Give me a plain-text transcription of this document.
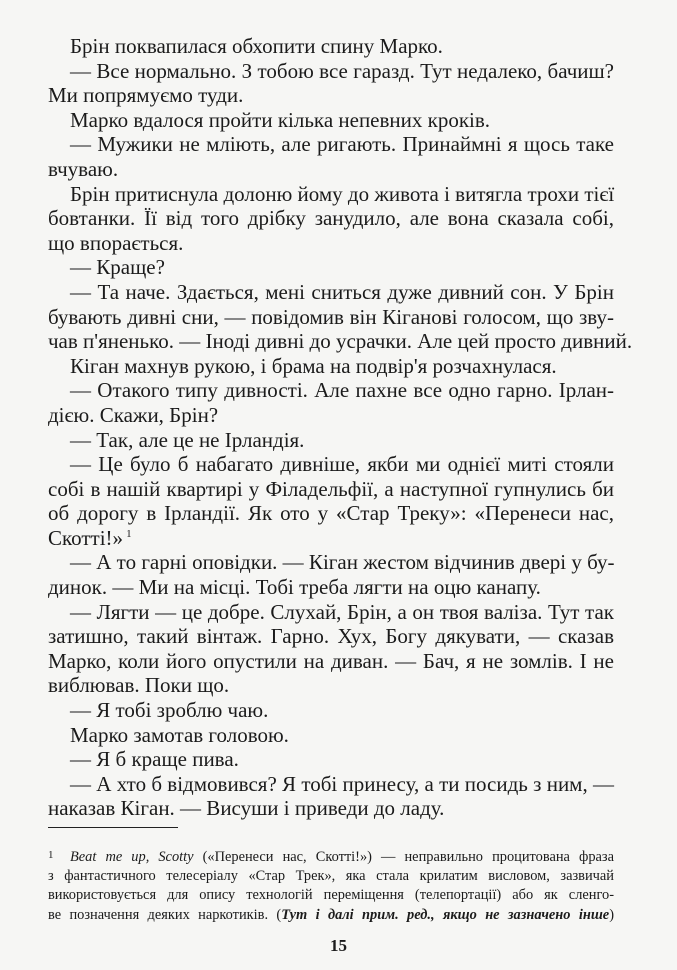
Брін поквапилася обхопити спину Марко.
— Все нормально. З тобою все гаразд. Тут недалеко, бачиш?
Ми попрямуємо туди.
Марко вдалося пройти кілька непевних кроків.
— Мужики не мліють, але ригають. Принаймні я щось таке
вчуваю.
Брін притиснула долоню йому до живота і витягла трохи тієї
бовтанки. Її від того дрібку занудило, але вона сказала собі,
що впорається.
— Краще?
— Та наче. Здається, мені сниться дуже дивний сон. У Брін
бувають дивні сни, — повідомив він Кіганові голосом, що зву-
чав п'яненько. — Іноді дивні до усрачки. Але цей просто дивний.
Кіган махнув рукою, і брама на подвір'я розчахнулася.
— Отакого типу дивності. Але пахне все одно гарно. Ірлан-
дією. Скажи, Брін?
— Так, але це не Ірландія.
— Це було б набагато дивніше, якби ми однієї миті стояли
собі в нашій квартирі у Філадельфії, а наступної гупнулись би
об дорогу в Ірландії. Як ото у «Стар Треку»: «Перенеси нас,
Скотті!» $^1$
— А то гарні оповідки. — Кіган жестом відчинив двері у бу-
динок. — Ми на місці. Тобі треба лягти на оцю канапу.
— Лягти — це добре. Слухай, Брін, а он твоя валіза. Тут так
затишно, такий вінтаж. Гарно. Хух, Богу дякувати, — сказав
Марко, коли його опустили на диван. — Бач, я не зомлів. І не
виблював. Поки що.
— Я тобі зроблю чаю.
Марко замотав головою.
— Я б краще пива.
— А хто б відмовився? Я тобі принесу, а ти посидь з ним, —
наказав Кіган. — Висуши і приведи до ладу.
1	Beat me up, Scotty («Перенеси нас, Скотті!») — неправильно процитована фраза
з фантастичного телесеріалу «Стар Трек», яка стала крилатим висловом, зазвичай
використовується для опису технологій переміщення (телепортації) або як сленго-
ве позначення деяких наркотиків. (Тут і далі прим. ред., якщо не зазначено інше)
15
